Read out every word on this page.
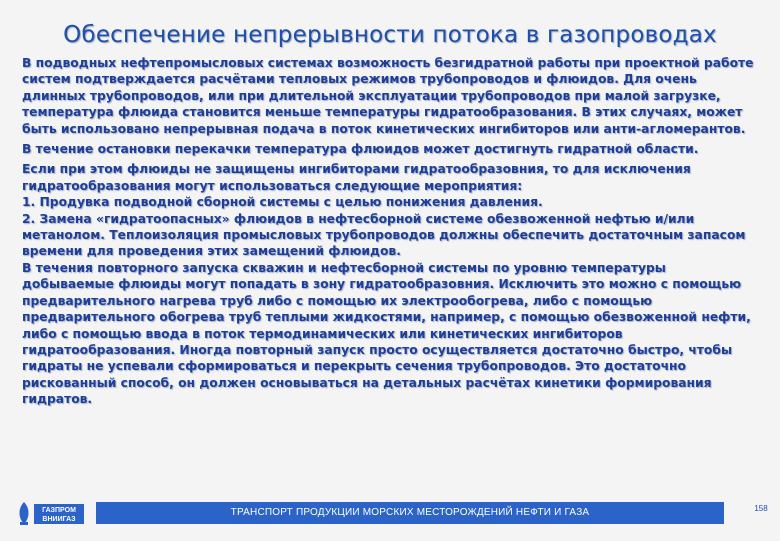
Обеспечение непрерывности потока в газопроводах

В подводных нефтепромысловых системах возможность безгидратной работы при проектной работе систем подтверждается расчётами тепловых режимов трубопроводов и флюидов. Для очень длинных трубопроводов, или при длительной эксплуатации трубопроводов при малой загрузке, температура флюида становится меньше температуры гидратообразования. В этих случаях, может быть использовано непрерывная подача в поток кинетических ингибиторов или анти-агломерантов.

В течение остановки перекачки температура флюидов может достигнуть гидратной области.

Если при этом флюиды не защищены ингибиторами гидратообразовния, то для исключения гидратообразования могут использоваться следующие мероприятия:
1. Продувка подводной сборной системы с целью понижения давления.
2. Замена «гидратоопасных» флюидов в нефтесборной системе обезвоженной нефтью и/или метанолом. Теплоизоляция промысловых трубопроводов должны обеспечить достаточным запасом времени для проведения этих замещений флюидов.
В течения повторного запуска скважин и нефтесборной системы по уровню температуры добываемые флюиды могут попадать в зону гидратообразовния. Исключить это можно с помощью предварительного нагрева труб либо с помощью их электрообогрева, либо с помощью предварительного обогрева труб теплыми жидкостями, например, с помощью обезвоженной нефти, либо с помощью ввода в поток термодинамических или кинетических ингибиторов гидратообразования. Иногда повторный запуск просто осуществляется достаточно быстро, чтобы гидраты не успевали сформироваться и перекрыть сечения трубопроводов. Это достаточно рискованный способ, он должен основываться на детальных расчётах кинетики формирования гидратов.
ГАЗПРОМ
ВНИИГАЗ
ТРАНСПОРТ ПРОДУКЦИИ МОРСКИХ МЕСТОРОЖДЕНИЙ НЕФТИ И ГАЗА	158
